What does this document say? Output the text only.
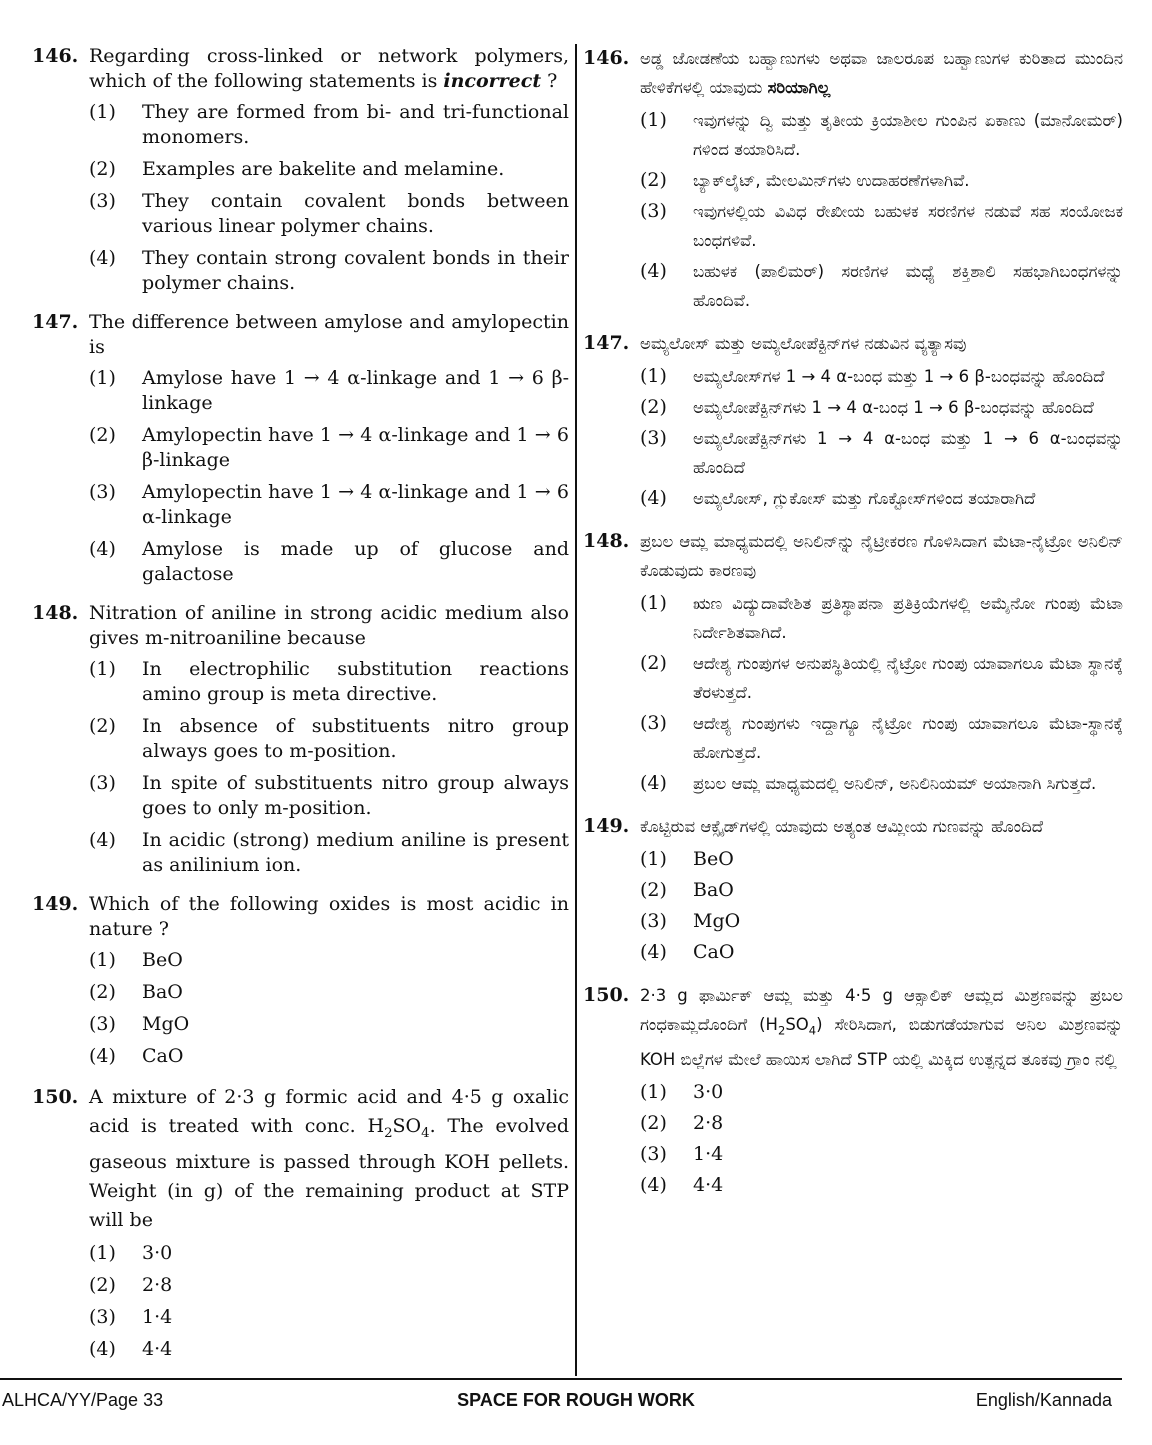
146. Regarding cross-linked or network polymers, which of the following statements is incorrect ?
(1)	They are formed from bi- and tri-functional monomers.
(2)	Examples are bakelite and melamine.
(3)	They contain covalent bonds between various linear polymer chains.
(4)	They contain strong covalent bonds in their polymer chains.
147. The difference between amylose and amylopectin is
(1)	Amylose have 1 → 4 α-linkage and 1 → 6 β-linkage
(2)	Amylopectin have 1 → 4 α-linkage and 1 → 6 β-linkage
(3)	Amylopectin have 1 → 4 α-linkage and 1 → 6 α-linkage
(4)	Amylose is made up of glucose and galactose
148. Nitration of aniline in strong acidic medium also gives m-nitroaniline because
(1)	In electrophilic substitution reactions amino group is meta directive.
(2)	In absence of substituents nitro group always goes to m-position.
(3)	In spite of substituents nitro group always goes to only m-position.
(4)	In acidic (strong) medium aniline is present as anilinium ion.
149. Which of the following oxides is most acidic in nature ?
(1)	BeO
(2)	BaO
(3)	MgO
(4)	CaO
150. A mixture of 2·3 g formic acid and 4·5 g oxalic acid is treated with conc. $H_2SO_4$. The evolved gaseous mixture is passed through KOH pellets. Weight (in g) of the remaining product at STP will be
(1)	3·0
(2)	2·8
(3)	1·4
(4)	4·4
146. ಅಡ್ಡ ಜೋಡಣೆಯ ಬಹ್ವಾಣುಗಳು ಅಥವಾ ಜಾಲರೂಪ ಬಹ್ವಾಣುಗಳ ಕುರಿತಾದ ಮುಂದಿನ ಹೇಳಿಕೆಗಳಲ್ಲಿ ಯಾವುದು ಸರಿಯಾಗಿಲ್ಲ
(1)	ಇವುಗಳನ್ನು ದ್ವಿ ಮತ್ತು ತೃತೀಯ ಕ್ರಿಯಾಶೀಲ ಗುಂಪಿನ ಏಕಾಣು (ಮಾನೋಮರ್) ಗಳಿಂದ ತಯಾರಿಸಿದೆ.
(2)	ಬ್ಯಾಕ್‌ಲೈಟ್, ಮೇಲಮಿನ್‌ಗಳು ಉದಾಹರಣೆಗಳಾಗಿವೆ.
(3)	ಇವುಗಳಲ್ಲಿಯ ವಿವಿಧ ರೇಖೀಯ ಬಹುಳಕ ಸರಣಿಗಳ ನಡುವೆ ಸಹ ಸಂಯೋಜಕ ಬಂಧಗಳಿವೆ.
(4)	ಬಹುಳಕ (ಪಾಲಿಮರ್) ಸರಣಿಗಳ ಮಧ್ಯೆ ಶಕ್ತಿಶಾಲಿ ಸಹಭಾಗಿಬಂಧಗಳನ್ನು ಹೊಂದಿವೆ.
147. ಅಮ್ಯಲೋಸ್ ಮತ್ತು ಅಮ್ಯಲೋಪೆಕ್ಟಿನ್‌ಗಳ ನಡುವಿನ ವ್ಯತ್ಯಾಸವು
(1)	ಅಮ್ಯಲೋಸ್‌ಗಳ 1 → 4 α-ಬಂಧ ಮತ್ತು 1 → 6 β-ಬಂಧವನ್ನು ಹೊಂದಿದೆ
(2)	ಅಮ್ಯಲೋಪೆಕ್ಟಿನ್‌ಗಳು 1 → 4 α-ಬಂಧ 1 → 6 β-ಬಂಧವನ್ನು ಹೊಂದಿದೆ
(3)	ಅಮ್ಯಲೋಪೆಕ್ಟಿನ್‌ಗಳು 1 → 4 α-ಬಂಧ ಮತ್ತು 1 → 6 α-ಬಂಧವನ್ನು ಹೊಂದಿದೆ
(4)	ಅಮ್ಯಲೋಸ್, ಗ್ಲುಕೋಸ್ ಮತ್ತು ಗೊಕ್ಟೋಸ್‌ಗಳಿಂದ ತಯಾರಾಗಿದೆ
148. ಪ್ರಬಲ ಆಮ್ಲ ಮಾಧ್ಯಮದಲ್ಲಿ ಅನಿಲಿನ್‌ನ್ನು ನೈಟ್ರೀಕರಣ ಗೊಳಿಸಿದಾಗ ಮೆಟಾ-ನೈಟ್ರೋ ಅನಿಲಿನ್ ಕೊಡುವುದು ಕಾರಣವು
(1)	ಋಣ ವಿದ್ಯುದಾವೇಶಿತ ಪ್ರತಿಸ್ಥಾಪನಾ ಪ್ರತಿಕ್ರಿಯೆಗಳಲ್ಲಿ ಅಮೈನೋ ಗುಂಪು ಮೆಟಾ ನಿರ್ದೇಶಿತವಾಗಿದೆ.
(2)	ಆದೇಶ್ಯ ಗುಂಪುಗಳ ಅನುಪಸ್ಥಿತಿಯಲ್ಲಿ ನೈಟ್ರೋ ಗುಂಪು ಯಾವಾಗಲೂ ಮೆಟಾ ಸ್ಥಾನಕ್ಕೆ ತೆರಳುತ್ತದೆ.
(3)	ಆದೇಶ್ಯ ಗುಂಪುಗಳು ಇದ್ದಾಗ್ಯೂ ನೈಟ್ರೋ ಗುಂಪು ಯಾವಾಗಲೂ ಮೆಟಾ-ಸ್ಥಾನಕ್ಕೆ ಹೋಗುತ್ತದೆ.
(4)	ಪ್ರಬಲ ಆಮ್ಲ ಮಾಧ್ಯಮದಲ್ಲಿ ಅನಿಲಿನ್, ಅನಿಲಿನಿಯಮ್ ಅಯಾನಾಗಿ ಸಿಗುತ್ತದೆ.
149. ಕೊಟ್ಟಿರುವ ಆಕ್ಸೈಡ್‌ಗಳಲ್ಲಿ ಯಾವುದು ಅತ್ಯಂತ ಆಮ್ಲೀಯ ಗುಣವನ್ನು ಹೊಂದಿದೆ
(1)	BeO
(2)	BaO
(3)	MgO
(4)	CaO
150. 2·3 g ಫಾರ್ಮಿಕ್ ಆಮ್ಲ ಮತ್ತು 4·5 g ಆಕ್ಸಾಲಿಕ್ ಆಮ್ಲದ ಮಿಶ್ರಣವನ್ನು ಪ್ರಬಲ ಗಂಧಕಾಮ್ಲದೊಂದಿಗೆ $(H_2SO_4)$ ಸೇರಿಸಿದಾಗ, ಬಿಡುಗಡೆಯಾಗುವ ಅನಿಲ ಮಿಶ್ರಣವನ್ನು KOH ಬಿಲ್ಲೆಗಳ ಮೇಲೆ ಹಾಯಿಸ ಲಾಗಿದೆ STP ಯಲ್ಲಿ ಮಿಕ್ಕಿದ ಉತ್ಪನ್ನದ ತೂಕವು ಗ್ರಾಂ ನಲ್ಲಿ
(1)	3·0
(2)	2·8
(3)	1·4
(4)	4·4
SPACE FOR ROUGH WORK
ALHCA/YY/Page 33	English/Kannada
